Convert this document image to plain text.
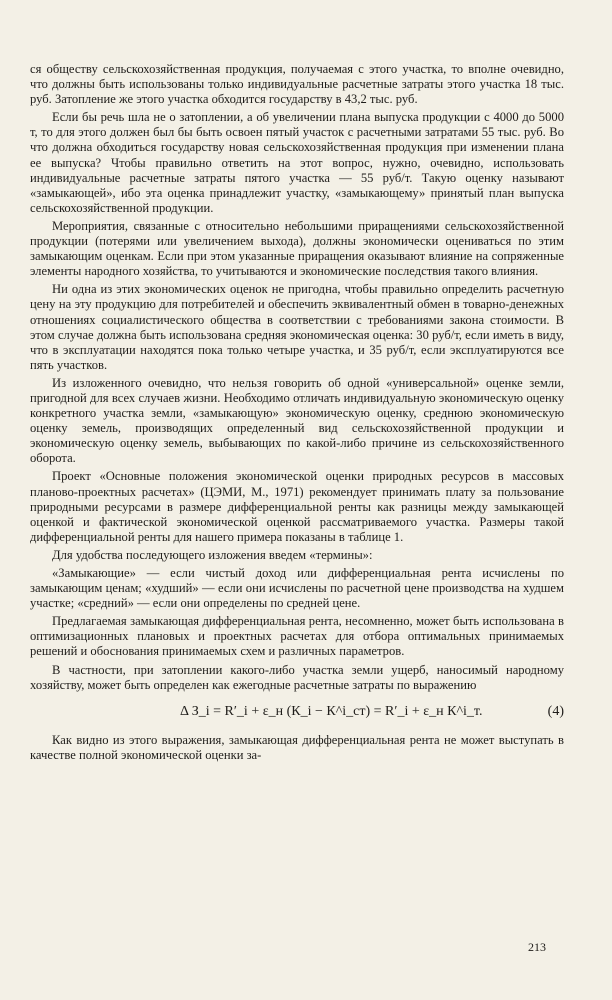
ся обществу сельскохозяйственная продукция, получаемая с этого участка, то вполне очевидно, что должны быть использованы только индивидуальные расчетные затраты этого участка 18 тыс. руб. Затопление же этого участка обходится государству в 43,2 тыс. руб.

Если бы речь шла не о затоплении, а об увеличении плана выпуска продукции с 4000 до 5000 т, то для этого должен был бы быть освоен пятый участок с расчетными затратами 55 тыс. руб. Во что должна обходиться государству новая сельскохозяйственная продукция при изменении плана ее выпуска? Чтобы правильно ответить на этот вопрос, нужно, очевидно, использовать индивидуальные расчетные затраты пятого участка — 55 руб/т. Такую оценку называют «замыкающей», ибо эта оценка принадлежит участку, «замыкающему» принятый план выпуска сельскохозяйственной продукции.

Мероприятия, связанные с относительно небольшими приращениями сельскохозяйственной продукции (потерями или увеличением выхода), должны экономически оцениваться по этим замыкающим оценкам. Если при этом указанные приращения оказывают влияние на сопряженные элементы народного хозяйства, то учитываются и экономические последствия такого влияния.

Ни одна из этих экономических оценок не пригодна, чтобы правильно определить расчетную цену на эту продукцию для потребителей и обеспечить эквивалентный обмен в товарно-денежных отношениях социалистического общества в соответствии с требованиями закона стоимости. В этом случае должна быть использована средняя экономическая оценка: 30 руб/т, если иметь в виду, что в эксплуатации находятся пока только четыре участка, и 35 руб/т, если эксплуатируются все пять участков.

Из изложенного очевидно, что нельзя говорить об одной «универсальной» оценке земли, пригодной для всех случаев жизни. Необходимо отличать индивидуальную экономическую оценку конкретного участка земли, «замыкающую» экономическую оценку, среднюю экономическую оценку земель, производящих определенный вид сельскохозяйственной продукции и экономическую оценку земель, выбывающих по какой-либо причине из сельскохозяйственного оборота.

Проект «Основные положения экономической оценки природных ресурсов в массовых планово-проектных расчетах» (ЦЭМИ, М., 1971) рекомендует принимать плату за пользование природными ресурсами в размере дифференциальной ренты как разницы между замыкающей оценкой и фактической экономической оценкой рассматриваемого участка. Размеры такой дифференциальной ренты для нашего примера показаны в таблице 1.

Для удобства последующего изложения введем «термины»:

«Замыкающие» — если чистый доход или дифференциальная рента исчислены по замыкающим ценам; «худший» — если они исчислены по расчетной цене производства на худшем участке; «средний» — если они определены по средней цене.

Предлагаемая замыкающая дифференциальная рента, несомненно, может быть использована в оптимизационных плановых и проектных расчетах для отбора оптимальных принимаемых решений и обоснования принимаемых схем и различных параметров.

В частности, при затоплении какого-либо участка земли ущерб, наносимый народному хозяйству, может быть определен как ежегодные расчетные затраты по выражению

Δ З_i = R′_i + ε_н (К_i − К^i_ст) = R′_i + ε_н К^i_т.	(4)

Как видно из этого выражения, замыкающая дифференциальная рента не может выступать в качестве полной экономической оценки за-

213
